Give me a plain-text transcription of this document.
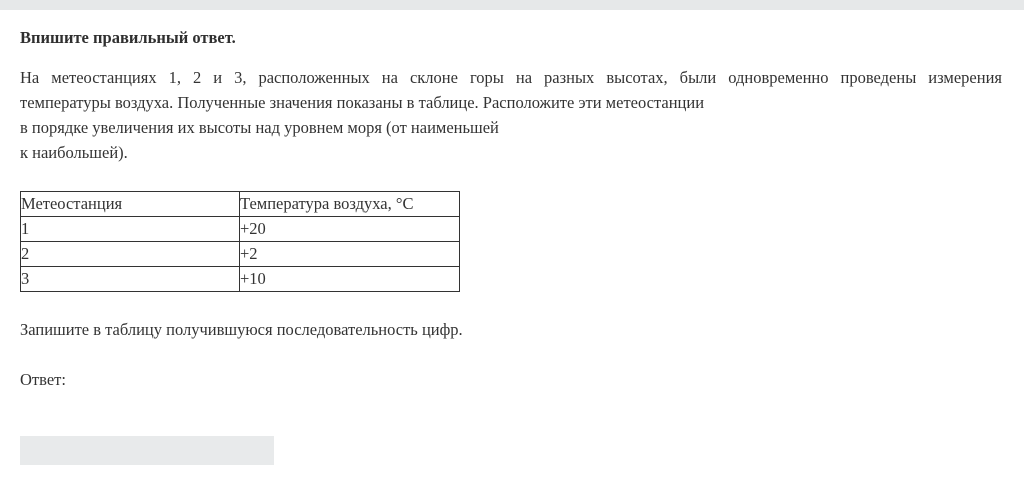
Впишите правильный ответ.

На метеостанциях 1, 2 и 3, расположенных на склоне горы на разных высотах, были одновременно проведены измерения
температуры воздуха. Полученные значения показаны в таблице. Расположите эти метеостанции
в порядке увеличения их высоты над уровнем моря (от наименьшей
к наибольшей).

Метеостанция	Температура воздуха, °С
1	+20
2	+2
3	+10

Запишите в таблицу получившуюся последовательность цифр.

Ответ:
